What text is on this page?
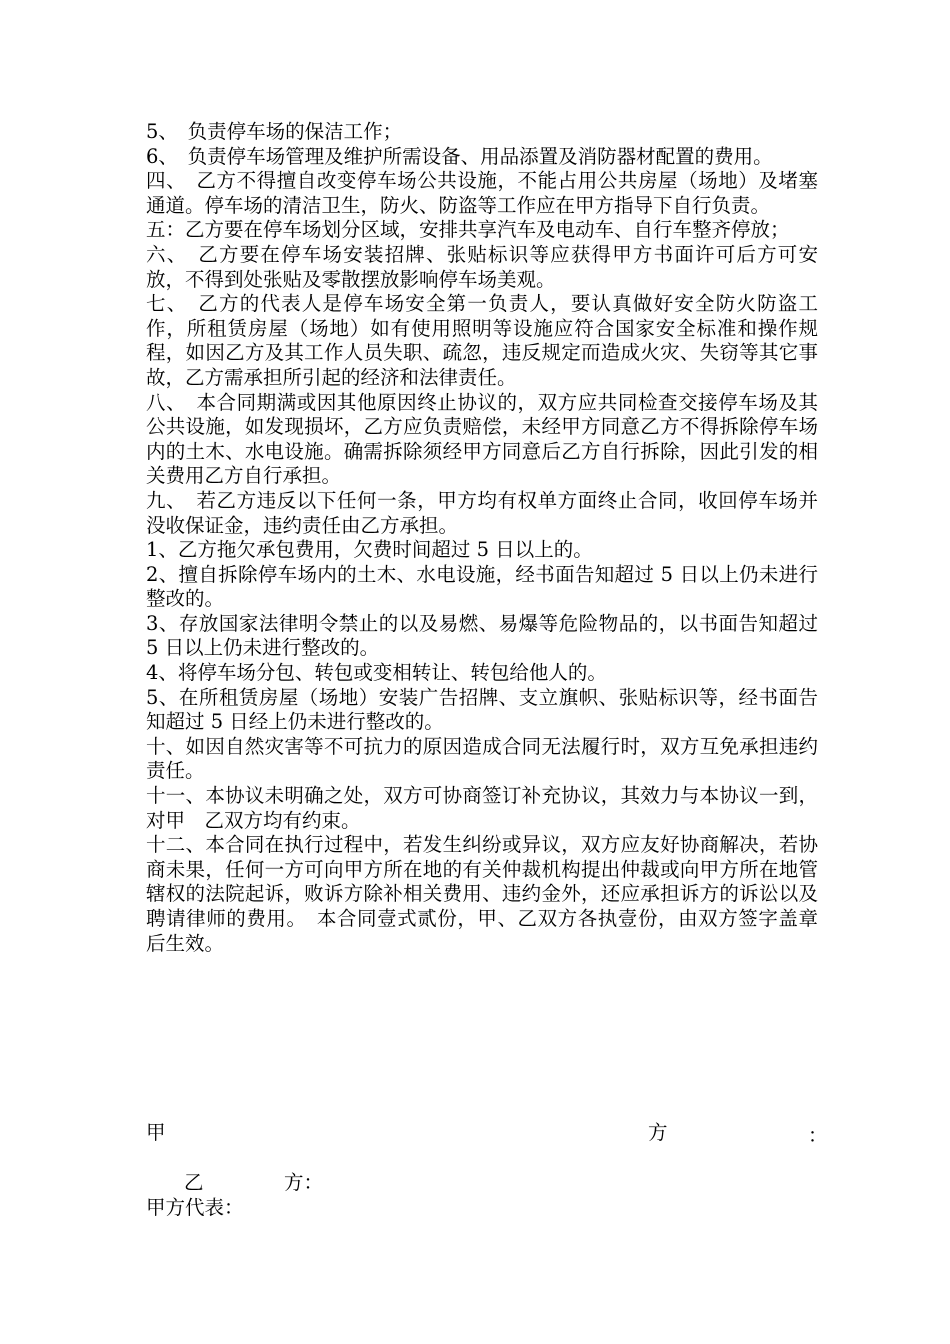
5、　负责停车场的保洁工作；

6、　负责停车场管理及维护所需设备、用品添置及消防器材配置的费用。

四、　乙方不得擅自改变停车场公共设施，不能占用公共房屋（场地）及堵塞通道。停车场的清洁卫生，防火、防盗等工作应在甲方指导下自行负责。

五：乙方要在停车场划分区域，安排共享汽车及电动车、自行车整齐停放；

六、　乙方要在停车场安装招牌、张贴标识等应获得甲方书面许可后方可安放，不得到处张贴及零散摆放影响停车场美观。

七、　乙方的代表人是停车场安全第一负责人，要认真做好安全防火防盗工作，所租赁房屋（场地）如有使用照明等设施应符合国家安全标准和操作规程，如因乙方及其工作人员失职、疏忽，违反规定而造成火灾、失窃等其它事故，乙方需承担所引起的经济和法律责任。

八、　本合同期满或因其他原因终止协议的，双方应共同检查交接停车场及其公共设施，如发现损坏，乙方应负责赔偿，未经甲方同意乙方不得拆除停车场内的土木、水电设施。确需拆除须经甲方同意后乙方自行拆除，因此引发的相关费用乙方自行承担。

九、　若乙方违反以下任何一条，甲方均有权单方面终止合同，收回停车场并没收保证金，违约责任由乙方承担。

1、乙方拖欠承包费用，欠费时间超过 5 日以上的。

2、擅自拆除停车场内的土木、水电设施，经书面告知超过 5 日以上仍未进行整改的。

3、存放国家法律明令禁止的以及易燃、易爆等危险物品的，以书面告知超过 5 日以上仍未进行整改的。

4、将停车场分包、转包或变相转让、转包给他人的。

5、在所租赁房屋（场地）安装广告招牌、支立旗帜、张贴标识等，经书面告知超过 5 日经上仍未进行整改的。

十、如因自然灾害等不可抗力的原因造成合同无法履行时，双方互免承担违约责任。

十一、本协议未明确之处，双方可协商签订补充协议，其效力与本协议一到，对甲　乙双方均有约束。

十二、本合同在执行过程中，若发生纠纷或异议，双方应友好协商解决，若协商未果，任何一方可向甲方所在地的有关仲裁机构提出仲裁或向甲方所在地管辖权的法院起诉，败诉方除补相关费用、违约金外，还应承担诉方的诉讼以及聘请律师的费用。　本合同壹式贰份，甲、乙双方各执壹份，由双方签字盖章后生效。

甲	方	：
乙	方：
甲方代表：
